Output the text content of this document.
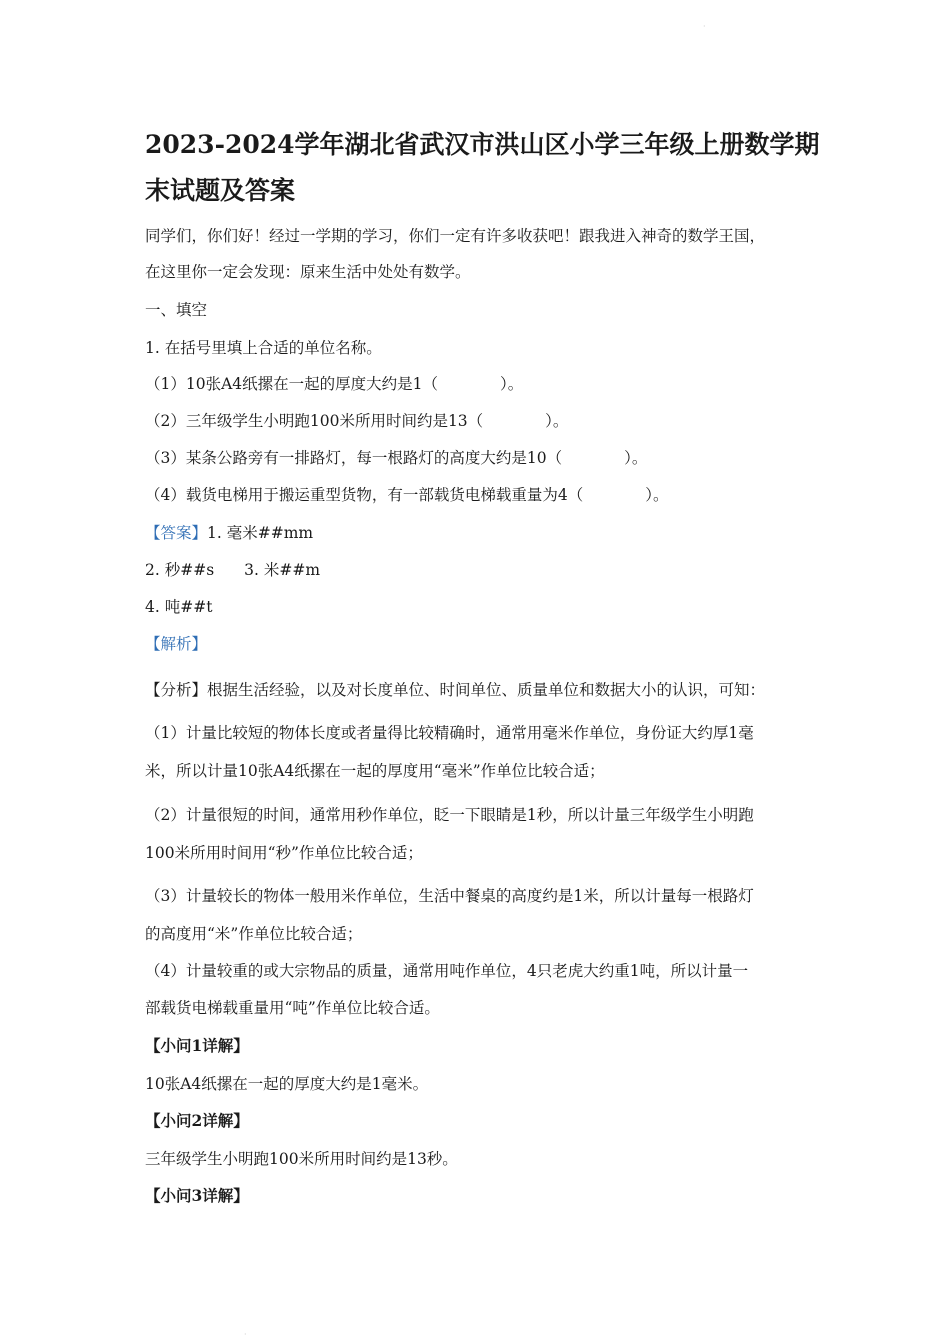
·
2023-2024学年湖北省武汉市洪山区小学三年级上册数学期
末试题及答案
同学们，你们好！经过一学期的学习，你们一定有许多收获吧！跟我进入神奇的数学王国，
在这里你一定会发现：原来生活中处处有数学。
一、填空
1. 在括号里填上合适的单位名称。
（1）10张A4纸摞在一起的厚度大约是1（　　　　）。
（2）三年级学生小明跑100米所用时间约是13（　　　　）。
（3）某条公路旁有一排路灯，每一根路灯的高度大约是10（　　　　）。
（4）载货电梯用于搬运重型货物，有一部载货电梯载重量为4（　　　　）。
【答案】1. 毫米##mm
2. 秒##s 3. 米##m
4. 吨##t
【解析】
【分析】根据生活经验，以及对长度单位、时间单位、质量单位和数据大小的认识，可知：
（1）计量比较短的物体长度或者量得比较精确时，通常用毫米作单位，身份证大约厚1毫
米，所以计量10张A4纸摞在一起的厚度用“毫米”作单位比较合适；
（2）计量很短的时间，通常用秒作单位，眨一下眼睛是1秒，所以计量三年级学生小明跑
100米所用时间用“秒”作单位比较合适；
（3）计量较长的物体一般用米作单位，生活中餐桌的高度约是1米，所以计量每一根路灯
的高度用“米”作单位比较合适；
（4）计量较重的或大宗物品的质量，通常用吨作单位，4只老虎大约重1吨，所以计量一
部载货电梯载重量用“吨”作单位比较合适。
【小问1详解】
10张A4纸摞在一起的厚度大约是1毫米。
【小问2详解】
三年级学生小明跑100米所用时间约是13秒。
【小问3详解】
·
